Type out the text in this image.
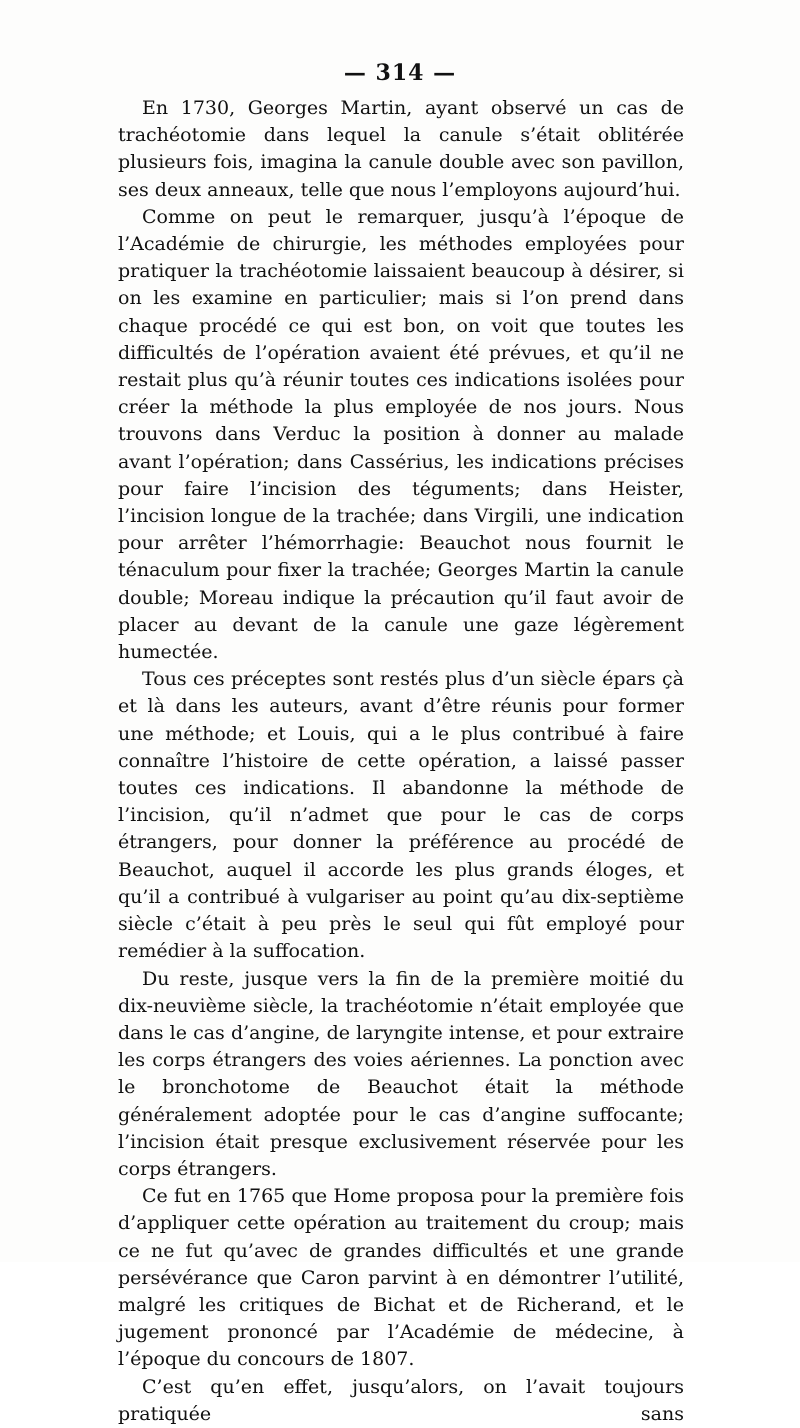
— 314 —

En 1730, Georges Martin, ayant observé un cas de trachéotomie dans lequel la canule s’était oblitérée plusieurs fois, imagina la canule double avec son pavillon, ses deux anneaux, telle que nous l’employons aujourd’hui.

Comme on peut le remarquer, jusqu’à l’époque de l’Académie de chirurgie, les méthodes employées pour pratiquer la trachéotomie laissaient beaucoup à désirer, si on les examine en particulier; mais si l’on prend dans chaque procédé ce qui est bon, on voit que toutes les difficultés de l’opération avaient été prévues, et qu’il ne restait plus qu’à réunir toutes ces indications isolées pour créer la méthode la plus employée de nos jours. Nous trouvons dans Verduc la position à donner au malade avant l’opération; dans Cassérius, les indications précises pour faire l’incision des téguments; dans Heister, l’incision longue de la trachée; dans Virgili, une indication pour arrêter l’hémorrhagie: Beauchot nous fournit le ténaculum pour fixer la trachée; Georges Martin la canule double; Moreau indique la précaution qu’il faut avoir de placer au devant de la canule une gaze légèrement humectée.

Tous ces préceptes sont restés plus d’un siècle épars çà et là dans les auteurs, avant d’être réunis pour former une méthode; et Louis, qui a le plus contribué à faire connaître l’histoire de cette opération, a laissé passer toutes ces indications. Il abandonne la méthode de l’incision, qu’il n’admet que pour le cas de corps étrangers, pour donner la préférence au procédé de Beauchot, auquel il accorde les plus grands éloges, et qu’il a contribué à vulgariser au point qu’au dix-septième siècle c’était à peu près le seul qui fût employé pour remédier à la suffocation.

Du reste, jusque vers la fin de la première moitié du dix-neuvième siècle, la trachéotomie n’était employée que dans le cas d’angine, de laryngite intense, et pour extraire les corps étrangers des voies aériennes. La ponction avec le bronchotome de Beauchot était la méthode généralement adoptée pour le cas d’angine suffocante; l’incision était presque exclusivement réservée pour les corps étrangers.

Ce fut en 1765 que Home proposa pour la première fois d’appliquer cette opération au traitement du croup; mais ce ne fut qu’avec de grandes difficultés et une grande persévérance que Caron parvint à en démontrer l’utilité, malgré les critiques de Bichat et de Richerand, et le jugement prononcé par l’Académie de médecine, à l’époque du concours de 1807.

C’est qu’en effet, jusqu’alors, on l’avait toujours pratiquée sans
